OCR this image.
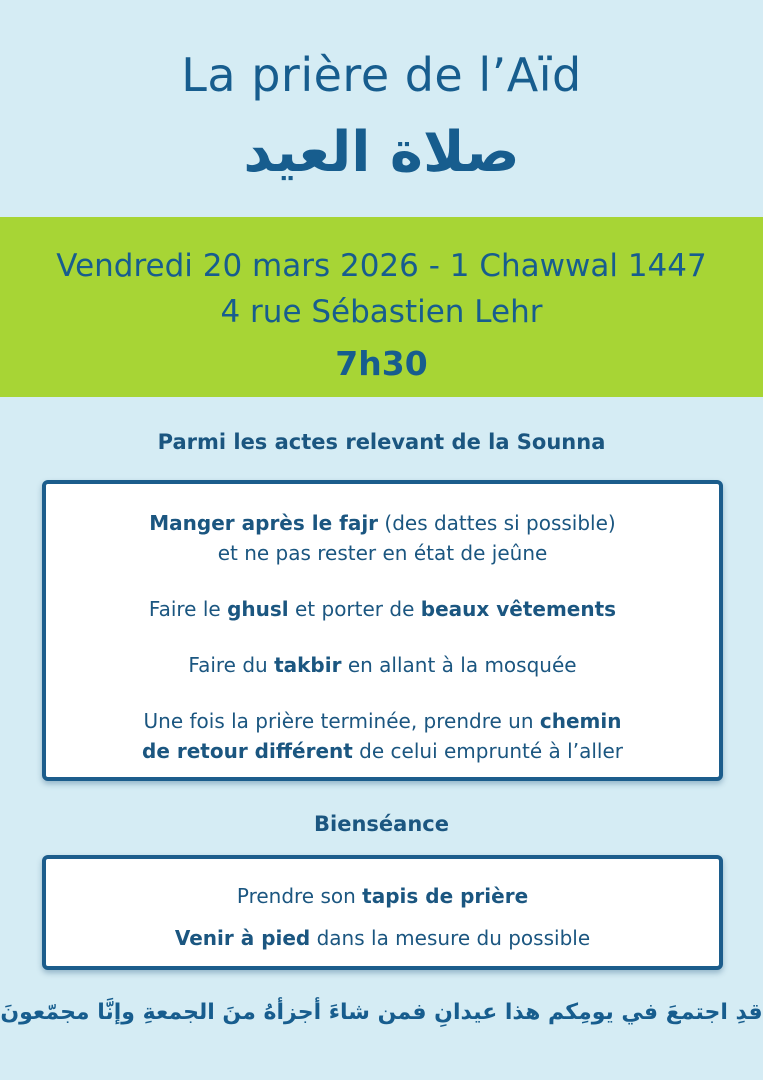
La prière de l’Aïd
صلاة العيد
Vendredi 20 mars 2026 - 1 Chawwal 1447
4 rue Sébastien Lehr
7h30
Parmi les actes relevant de la Sounna
Manger après le fajr (des dattes si possible)
et ne pas rester en état de jeûne
Faire le ghusl et porter de beaux vêtements
Faire du takbir en allant à la mosquée
Une fois la prière terminée, prendre un chemin
de retour différent de celui emprunté à l’aller
Bienséance
Prendre son tapis de prière
Venir à pied dans la mesure du possible
قدِ اجتمعَ في يومِكم هذا عيدانِ فمن شاءَ أجزأهُ منَ الجمعةِ وإنَّا مجمّعونَ
